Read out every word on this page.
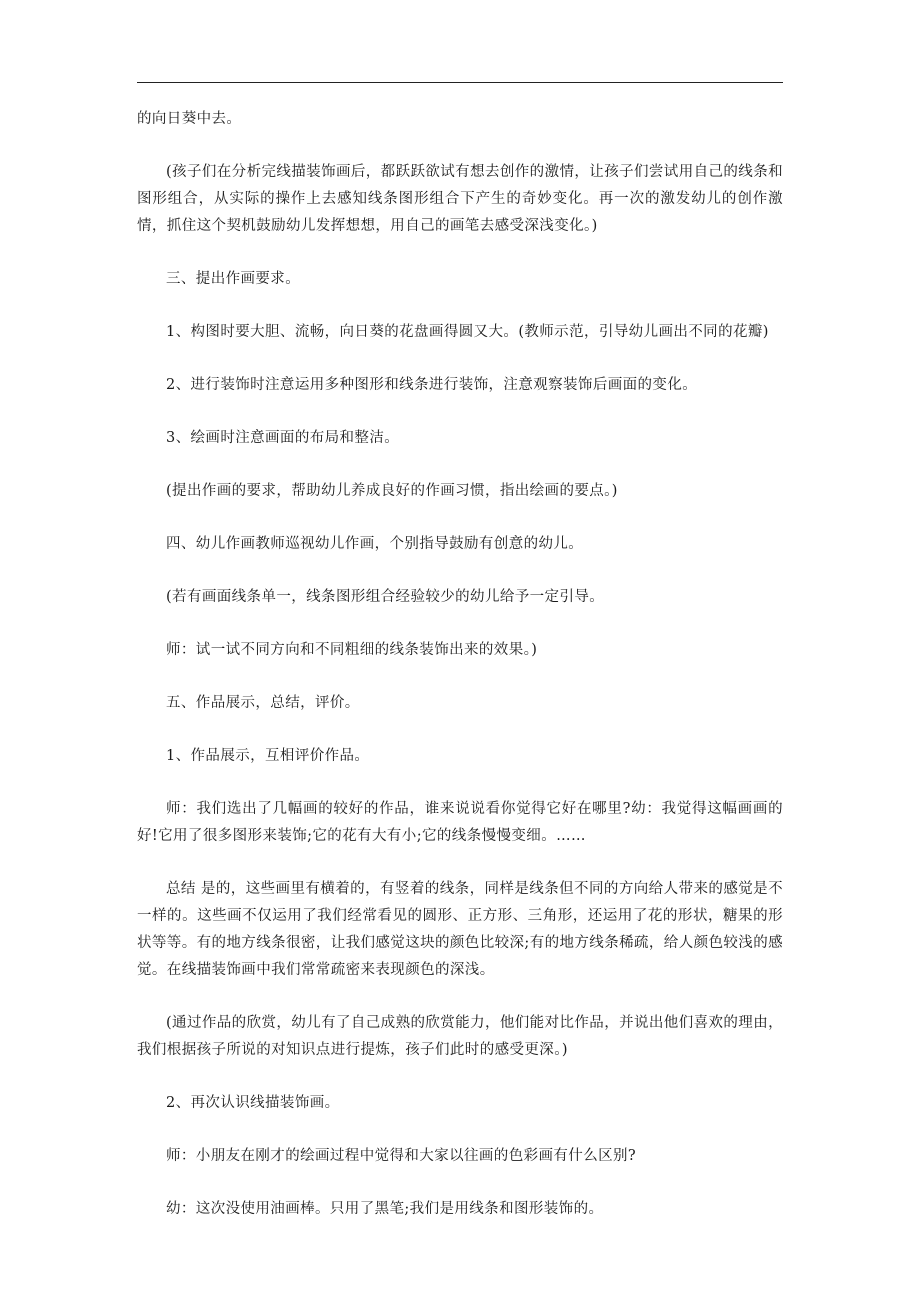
的向日葵中去。

(孩子们在分析完线描装饰画后，都跃跃欲试有想去创作的激情，让孩子们尝试用自己的线条和图形组合，从实际的操作上去感知线条图形组合下产生的奇妙变化。再一次的激发幼儿的创作激情，抓住这个契机鼓励幼儿发挥想想，用自己的画笔去感受深浅变化。)

三、提出作画要求。

1、构图时要大胆、流畅，向日葵的花盘画得圆又大。(教师示范，引导幼儿画出不同的花瓣)

2、进行装饰时注意运用多种图形和线条进行装饰，注意观察装饰后画面的变化。

3、绘画时注意画面的布局和整洁。

(提出作画的要求，帮助幼儿养成良好的作画习惯，指出绘画的要点。)

四、幼儿作画教师巡视幼儿作画，个别指导鼓励有创意的幼儿。

(若有画面线条单一，线条图形组合经验较少的幼儿给予一定引导。

师：试一试不同方向和不同粗细的线条装饰出来的效果。)

五、作品展示，总结，评价。

1、作品展示，互相评价作品。

师：我们选出了几幅画的较好的作品，谁来说说看你觉得它好在哪里?幼：我觉得这幅画画的好!它用了很多图形来装饰;它的花有大有小;它的线条慢慢变细。……

总结 是的，这些画里有横着的，有竖着的线条，同样是线条但不同的方向给人带来的感觉是不一样的。这些画不仅运用了我们经常看见的圆形、正方形、三角形，还运用了花的形状，糖果的形状等等。有的地方线条很密，让我们感觉这块的颜色比较深;有的地方线条稀疏，给人颜色较浅的感觉。在线描装饰画中我们常常疏密来表现颜色的深浅。

(通过作品的欣赏，幼儿有了自己成熟的欣赏能力，他们能对比作品，并说出他们喜欢的理由，我们根据孩子所说的对知识点进行提炼，孩子们此时的感受更深。)

2、再次认识线描装饰画。

师：小朋友在刚才的绘画过程中觉得和大家以往画的色彩画有什么区别?

幼：这次没使用油画棒。只用了黑笔;我们是用线条和图形装饰的。
